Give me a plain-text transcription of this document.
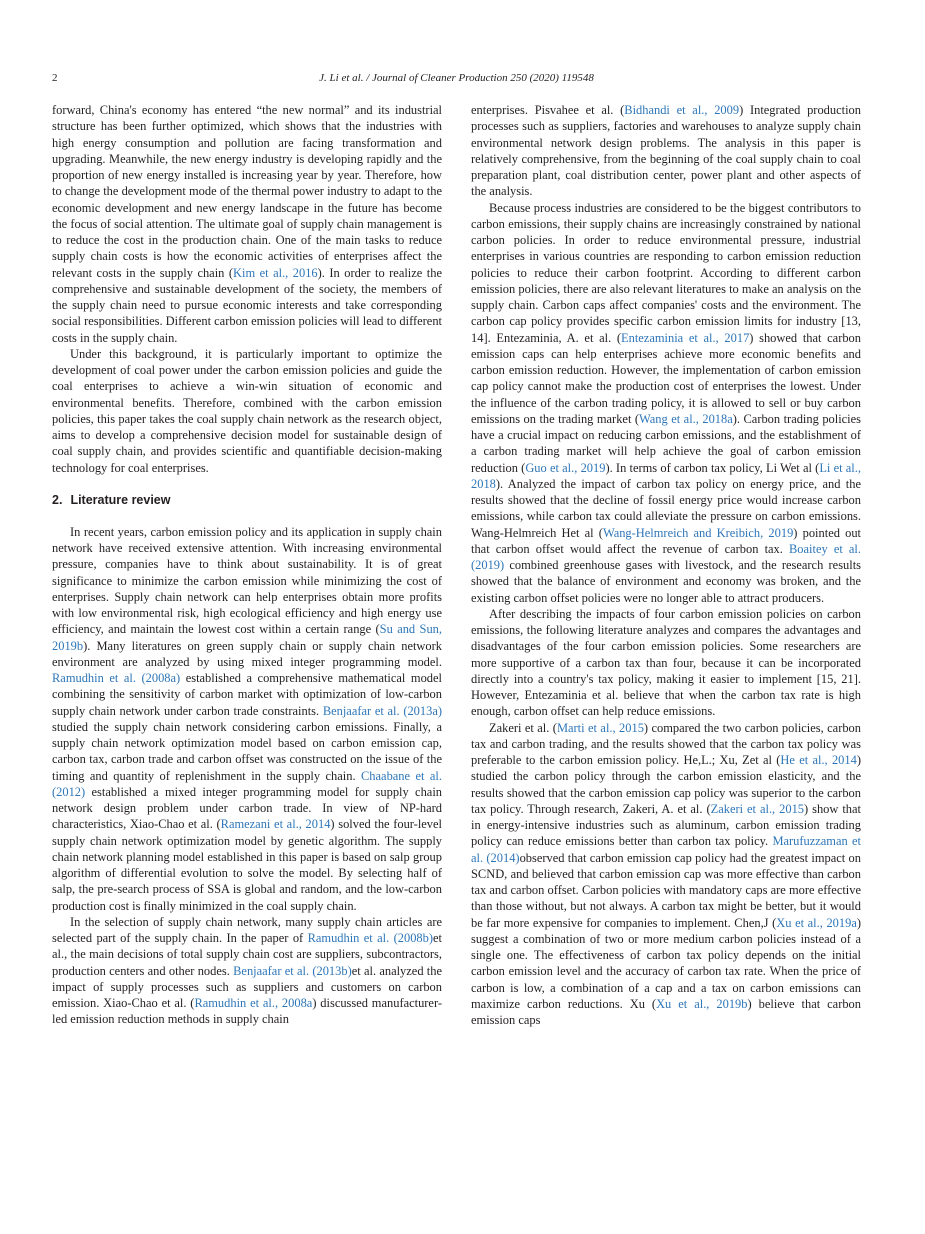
2	J. Li et al. / Journal of Cleaner Production 250 (2020) 119548

forward, China's economy has entered “the new normal” and its industrial structure has been further optimized, which shows that the industries with high energy consumption and pollution are facing transformation and upgrading. Meanwhile, the new energy industry is developing rapidly and the proportion of new energy installed is increasing year by year. Therefore, how to change the development mode of the thermal power industry to adapt to the economic development and new energy landscape in the future has become the focus of social attention. The ultimate goal of supply chain management is to reduce the cost in the production chain. One of the main tasks to reduce supply chain costs is how the economic activities of enterprises affect the relevant costs in the supply chain (Kim et al., 2016). In order to realize the comprehensive and sustainable development of the society, the members of the supply chain need to pursue economic interests and take corresponding social responsibilities. Different carbon emission policies will lead to different costs in the supply chain.

Under this background, it is particularly important to optimize the development of coal power under the carbon emission policies and guide the coal enterprises to achieve a win-win situation of economic and environmental benefits. Therefore, combined with the carbon emission policies, this paper takes the coal supply chain network as the research object, aims to develop a comprehensive decision model for sustainable design of coal supply chain, and provides scientific and quantifiable decision-making technology for coal enterprises.

2. Literature review

In recent years, carbon emission policy and its application in supply chain network have received extensive attention. With increasing environmental pressure, companies have to think about sustainability. It is of great significance to minimize the carbon emission while minimizing the cost of enterprises. Supply chain network can help enterprises obtain more profits with low environmental risk, high ecological efficiency and high energy use efficiency, and maintain the lowest cost within a certain range (Su and Sun, 2019b). Many literatures on green supply chain or supply chain network environment are analyzed by using mixed integer programming model. Ramudhin et al. (2008a) established a comprehensive mathematical model combining the sensitivity of carbon market with optimization of low-carbon supply chain network under carbon trade constraints. Benjaafar et al. (2013a) studied the supply chain network considering carbon emissions. Finally, a supply chain network optimization model based on carbon emission cap, carbon tax, carbon trade and carbon offset was constructed on the issue of the timing and quantity of replenishment in the supply chain. Chaabane et al. (2012) established a mixed integer programming model for supply chain network design problem under carbon trade. In view of NP-hard characteristics, Xiao-Chao et al. (Ramezani et al., 2014) solved the four-level supply chain network optimization model by genetic algorithm. The supply chain network planning model established in this paper is based on salp group algorithm of differential evolution to solve the model. By selecting half of salp, the pre-search process of SSA is global and random, and the low-carbon production cost is finally minimized in the coal supply chain.

In the selection of supply chain network, many supply chain articles are selected part of the supply chain. In the paper of Ramudhin et al. (2008b)et al., the main decisions of total supply chain cost are suppliers, subcontractors, production centers and other nodes. Benjaafar et al. (2013b)et al. analyzed the impact of supply processes such as suppliers and customers on carbon emission. Xiao-Chao et al. (Ramudhin et al., 2008a) discussed manufacturer-led emission reduction methods in supply chain

enterprises. Pisvahee et al. (Bidhandi et al., 2009) Integrated production processes such as suppliers, factories and warehouses to analyze supply chain environmental network design problems. The analysis in this paper is relatively comprehensive, from the beginning of the coal supply chain to coal preparation plant, coal distribution center, power plant and other aspects of the analysis.

Because process industries are considered to be the biggest contributors to carbon emissions, their supply chains are increasingly constrained by national carbon policies. In order to reduce environmental pressure, industrial enterprises in various countries are responding to carbon emission reduction policies to reduce their carbon footprint. According to different carbon emission policies, there are also relevant literatures to make an analysis on the supply chain. Carbon caps affect companies' costs and the environment. The carbon cap policy provides specific carbon emission limits for industry [13, 14]. Entezaminia, A. et al. (Entezaminia et al., 2017) showed that carbon emission caps can help enterprises achieve more economic benefits and carbon emission reduction. However, the implementation of carbon emission cap policy cannot make the production cost of enterprises the lowest. Under the influence of the carbon trading policy, it is allowed to sell or buy carbon emissions on the trading market (Wang et al., 2018a). Carbon trading policies have a crucial impact on reducing carbon emissions, and the establishment of a carbon trading market will help achieve the goal of carbon emission reduction (Guo et al., 2019). In terms of carbon tax policy, Li Wet al (Li et al., 2018). Analyzed the impact of carbon tax policy on energy price, and the results showed that the decline of fossil energy price would increase carbon emissions, while carbon tax could alleviate the pressure on carbon emissions. Wang-Helmreich Het al (Wang-Helmreich and Kreibich, 2019) pointed out that carbon offset would affect the revenue of carbon tax. Boaitey et al. (2019) combined greenhouse gases with livestock, and the research results showed that the balance of environment and economy was broken, and the existing carbon offset policies were no longer able to attract producers.

After describing the impacts of four carbon emission policies on carbon emissions, the following literature analyzes and compares the advantages and disadvantages of the four carbon emission policies. Some researchers are more supportive of a carbon tax than four, because it can be incorporated directly into a country's tax policy, making it easier to implement [15, 21]. However, Entezaminia et al. believe that when the carbon tax rate is high enough, carbon offset can help reduce emissions.

Zakeri et al. (Marti et al., 2015) compared the two carbon policies, carbon tax and carbon trading, and the results showed that the carbon tax policy was preferable to the carbon emission policy. He,L.; Xu, Zet al (He et al., 2014) studied the carbon policy through the carbon emission elasticity, and the results showed that the carbon emission cap policy was superior to the carbon tax policy. Through research, Zakeri, A. et al. (Zakeri et al., 2015) show that in energy-intensive industries such as aluminum, carbon emission trading policy can reduce emissions better than carbon tax policy. Marufuzzaman et al. (2014)observed that carbon emission cap policy had the greatest impact on SCND, and believed that carbon emission cap was more effective than carbon tax and carbon offset. Carbon policies with mandatory caps are more effective than those without, but not always. A carbon tax might be better, but it would be far more expensive for companies to implement. Chen,J (Xu et al., 2019a) suggest a combination of two or more medium carbon policies instead of a single one. The effectiveness of carbon tax policy depends on the initial carbon emission level and the accuracy of carbon tax rate. When the price of carbon is low, a combination of a cap and a tax on carbon emissions can maximize carbon reductions. Xu (Xu et al., 2019b) believe that carbon emission caps
